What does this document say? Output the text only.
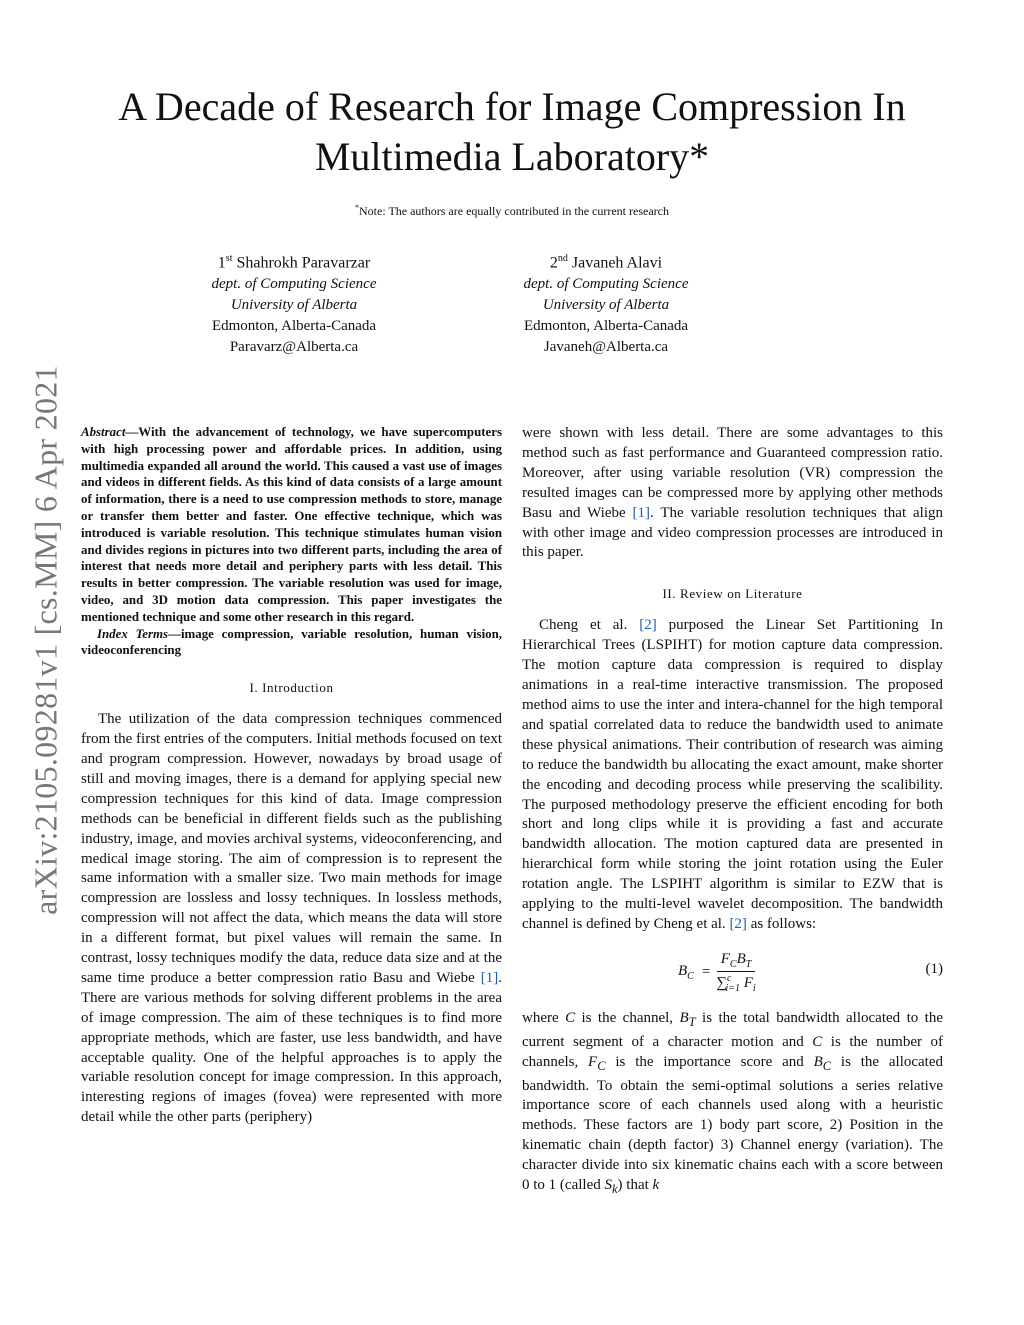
arXiv:2105.09281v1 [cs.MM] 6 Apr 2021
A Decade of Research for Image Compression In
Multimedia Laboratory*
*Note: The authors are equally contributed in the current research
1st Shahrokh Paravarzar
dept. of Computing Science
University of Alberta
Edmonton, Alberta-Canada
Paravarz@Alberta.ca
2nd Javaneh Alavi
dept. of Computing Science
University of Alberta
Edmonton, Alberta-Canada
Javaneh@Alberta.ca

Abstract—With the advancement of technology, we have supercomputers with high processing power and affordable prices. In addition, using multimedia expanded all around the world. This caused a vast use of images and videos in different fields. As this kind of data consists of a large amount of information, there is a need to use compression methods to store, manage or transfer them better and faster. One effective technique, which was introduced is variable resolution. This technique stimulates human vision and divides regions in pictures into two different parts, including the area of interest that needs more detail and periphery parts with less detail. This results in better compression. The variable resolution was used for image, video, and 3D motion data compression. This paper investigates the mentioned technique and some other research in this regard.

Index Terms—image compression, variable resolution, human vision, videoconferencing

I. Introduction

The utilization of the data compression techniques commenced from the first entries of the computers. Initial methods focused on text and program compression. However, nowadays by broad usage of still and moving images, there is a demand for applying special new compression techniques for this kind of data. Image compression methods can be beneficial in different fields such as the publishing industry, image, and movies archival systems, videoconferencing, and medical image storing. The aim of compression is to represent the same information with a smaller size. Two main methods for image compression are lossless and lossy techniques. In lossless methods, compression will not affect the data, which means the data will store in a different format, but pixel values will remain the same. In contrast, lossy techniques modify the data, reduce data size and at the same time produce a better compression ratio Basu and Wiebe [1]. There are various methods for solving different problems in the area of image compression. The aim of these techniques is to find more appropriate methods, which are faster, use less bandwidth, and have acceptable quality. One of the helpful approaches is to apply the variable resolution concept for image compression. In this approach, interesting regions of images (fovea) were represented with more detail while the other parts (periphery)

were shown with less detail. There are some advantages to this method such as fast performance and Guaranteed compression ratio. Moreover, after using variable resolution (VR) compression the resulted images can be compressed more by applying other methods Basu and Wiebe [1]. The variable resolution techniques that align with other image and video compression processes are introduced in this paper.

II. Review on Literature

Cheng et al. [2] purposed the Linear Set Partitioning In Hierarchical Trees (LSPIHT) for motion capture data compression. The motion capture data compression is required to display animations in a real-time interactive transmission. The proposed method aims to use the inter and intera-channel for the high temporal and spatial correlated data to reduce the bandwidth used to animate these physical animations. Their contribution of research was aiming to reduce the bandwidth bu allocating the exact amount, make shorter the encoding and decoding process while preserving the scalibility. The purposed methodology preserve the efficient encoding for both short and long clips while it is providing a fast and accurate bandwidth allocation. The motion captured data are presented in hierarchical form while storing the joint rotation using the Euler rotation angle. The LSPIHT algorithm is similar to EZW that is applying to the multi-level wavelet decomposition. The bandwidth channel is defined by Cheng et al. [2] as follows:

$B_C = \frac{F_CB_T}{\sum^c_{i=1} F_i}$	(1)

where C is the channel, $B_T$ is the total bandwidth allocated to the current segment of a character motion and C is the number of channels, $F_C$ is the importance score and $B_C$ is the allocated bandwidth. To obtain the semi-optimal solutions a series relative importance score of each channels used along with a heuristic methods. These factors are 1) body part score, 2) Position in the kinematic chain (depth factor) 3) Channel energy (variation). The character divide into six kinematic chains each with a score between 0 to 1 (called $S_k$) that k
